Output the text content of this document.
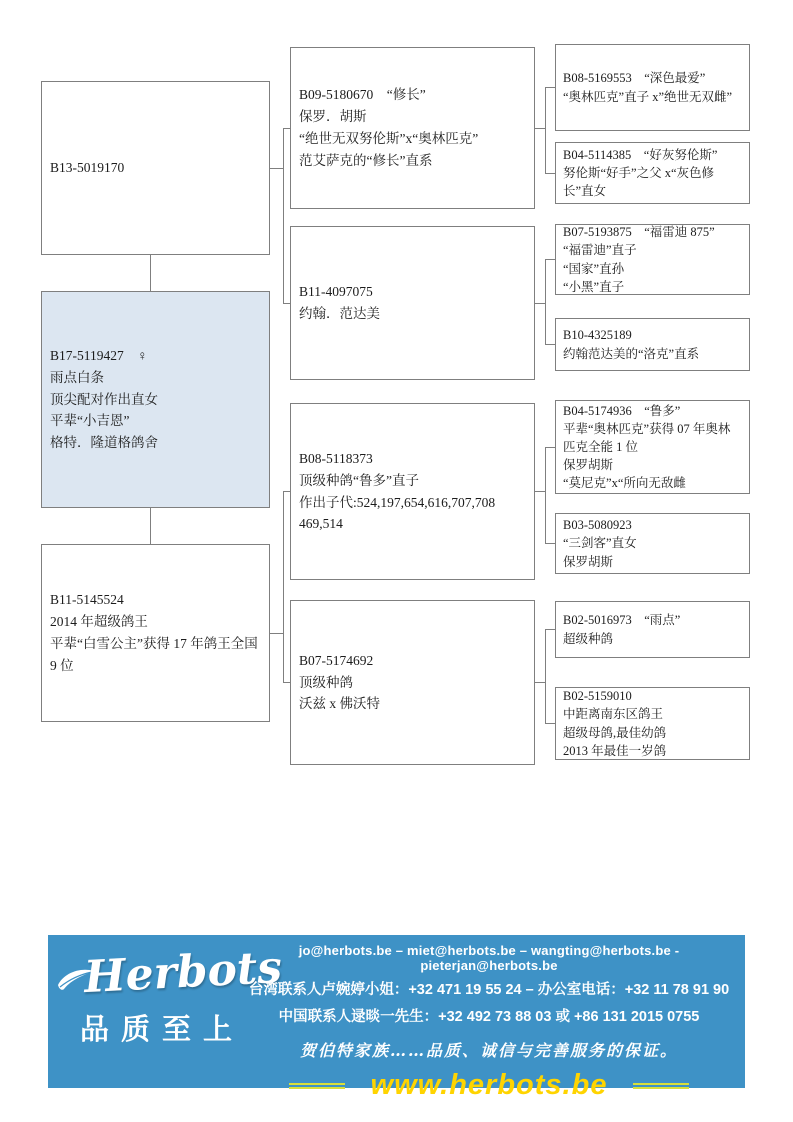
B13-5019170
B17-5119427　♀
雨点白条
顶尖配对作出直女
平辈“小吉恩”
格特．隆道格鸽舍
B11-5145524
2014 年超级鸽王
平辈“白雪公主”获得 17 年鸽王全国 9 位
B09-5180670　“修长”
保罗．胡斯
“绝世无双努伦斯”x“奥林匹克”
范艾萨克的“修长”直系
B11-4097075
约翰．范达美
B08-5118373
顶级种鸽“鲁多”直子
作出子代:524,197,654,616,707,708
469,514
B07-5174692
顶级种鸽
沃兹 x 佛沃特
B08-5169553　“深色最爱”
“奥林匹克”直子 x”绝世无双雌”
B04-5114385　“好灰努伦斯”
努伦斯“好手”之父 x“灰色修长”直女
B07-5193875　“福雷迪 875”
“福雷迪”直子
“国家”直孙
“小黑”直子
B10-4325189
约翰范达美的“洛克”直系
B04-5174936　“鲁多”
平辈“奥林匹克”获得 07 年奥林匹克全能 1 位
保罗胡斯
“莫尼克”x“所向无敌雌
B03-5080923
“三剑客”直女
保罗胡斯
B02-5016973　“雨点”
超级种鸽
B02-5159010
中距离南东区鸽王
超级母鸽,最佳幼鸽
2013 年最佳一岁鸽
Herbots
品质至上
jo@herbots.be – miet@herbots.be – wangting@herbots.be - pieterjan@herbots.be
台湾联系人卢婉婷小姐：+32 471 19 55 24 – 办公室电话：+32 11 78 91 90
中国联系人逯晱一先生：+32 492 73 88 03 或 +86 131 2015 0755
贺伯特家族……品质、诚信与完善服务的保证。
www.herbots.be
